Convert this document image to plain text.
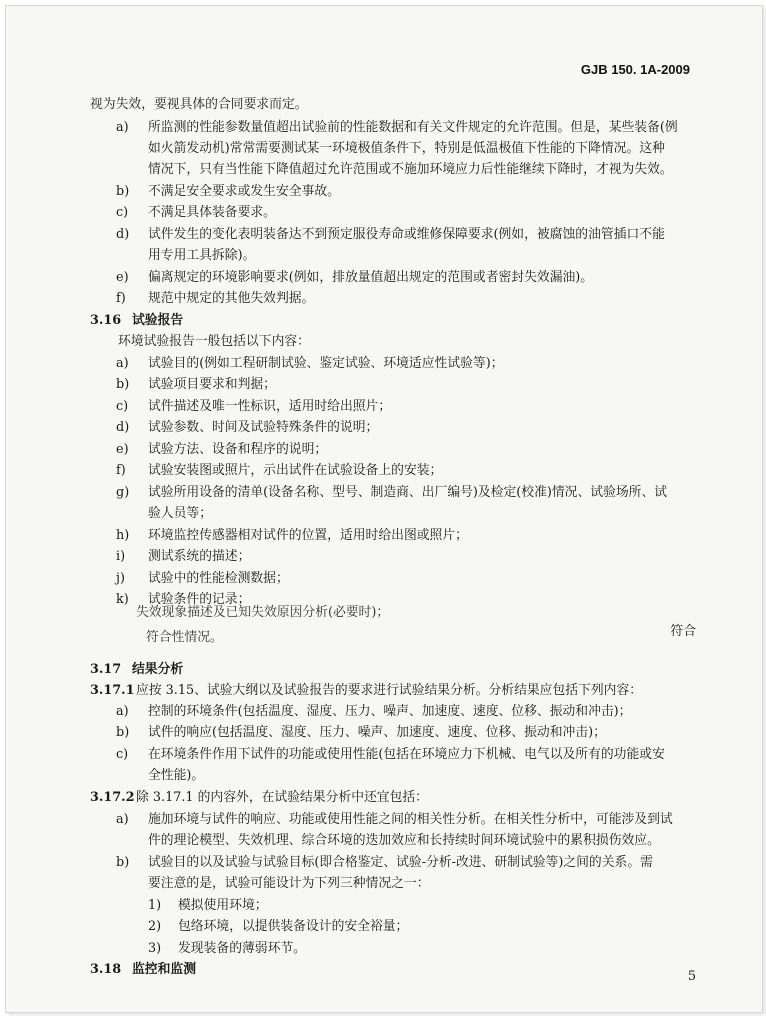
GJB 150. 1A-2009
视为失效，要视具体的合同要求而定。
a) 所监测的性能参数量值超出试验前的性能数据和有关文件规定的允许范围。但是，某些装备(例
如火箭发动机)常常需要测试某一环境极值条件下，特别是低温极值下性能的下降情况。这种
情况下，只有当性能下降值超过允许范围或不施加环境应力后性能继续下降时，才视为失效。
b) 不满足安全要求或发生安全事故。
c) 不满足具体装备要求。
d) 试件发生的变化表明装备达不到预定服役寿命或维修保障要求(例如，被腐蚀的油管插口不能
用专用工具拆除)。
e) 偏离规定的环境影响要求(例如，排放量值超出规定的范围或者密封失效漏油)。
f) 规范中规定的其他失效判据。
3.16 试验报告
环境试验报告一般包括以下内容：
a) 试验目的(例如工程研制试验、鉴定试验、环境适应性试验等)；
b) 试验项目要求和判据；
c) 试件描述及唯一性标识，适用时给出照片；
d) 试验参数、时间及试验特殊条件的说明；
e) 试验方法、设备和程序的说明；
f) 试验安装图或照片，示出试件在试验设备上的安装；
g) 试验所用设备的清单(设备名称、型号、制造商、出厂编号)及检定(校准)情况、试验场所、试
验人员等；
h) 环境监控传感器相对试件的位置，适用时给出图或照片；
i) 测试系统的描述；
j) 试验中的性能检测数据；
k) 试验条件的记录；
失效现象描述及已知失效原因分析(必要时)；
符合
符合性情况。
3.17 结果分析
3.17.1 应按 3.15、试验大纲以及试验报告的要求进行试验结果分析。分析结果应包括下列内容：
a) 控制的环境条件(包括温度、湿度、压力、噪声、加速度、速度、位移、振动和冲击)；
b) 试件的响应(包括温度、湿度、压力、噪声、加速度、速度、位移、振动和冲击)；
c) 在环境条件作用下试件的功能或使用性能(包括在环境应力下机械、电气以及所有的功能或安
全性能)。
3.17.2 除 3.17.1 的内容外，在试验结果分析中还宜包括：
a) 施加环境与试件的响应、功能或使用性能之间的相关性分析。在相关性分析中，可能涉及到试
件的理论模型、失效机理、综合环境的迭加效应和长持续时间环境试验中的累积损伤效应。
b) 试验目的以及试验与试验目标(即合格鉴定、试验-分析-改进、研制试验等)之间的关系。需
要注意的是，试验可能设计为下列三种情况之一：
1) 模拟使用环境；
2) 包络环境，以提供装备设计的安全裕量；
3) 发现装备的薄弱环节。
3.18 监控和监测	5
